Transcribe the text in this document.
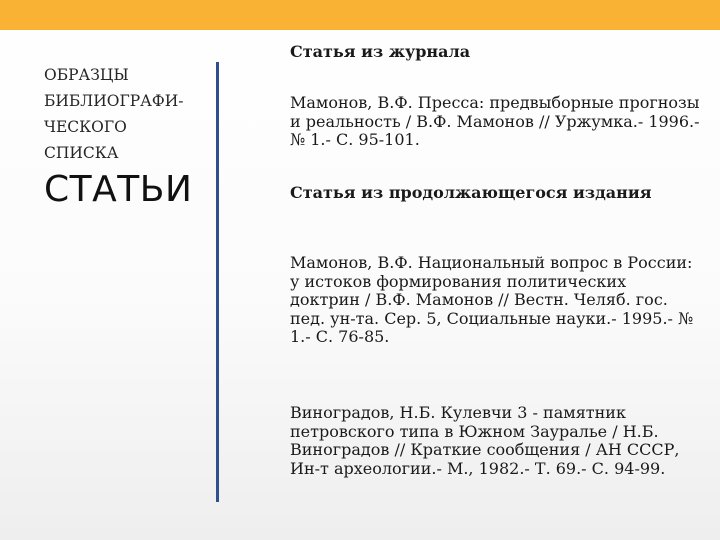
ОБРАЗЦЫ
БИБЛИОГРАФИ-
ЧЕСКОГО
СПИСКА
СТАТЬИ

Статья из журнала

Мамонов, В.Ф. Пресса: предвыборные прогнозы и реальность / В.Ф. Мамонов // Уржумка.- 1996.- № 1.- С. 95-101.

Статья из продолжающегося издания

Мамонов, В.Ф. Национальный вопрос в России: у истоков формирования политических доктрин / В.Ф. Мамонов // Вестн. Челяб. гос. пед. ун-та. Сер. 5, Социальные науки.- 1995.- № 1.- С. 76-85.

Виноградов, Н.Б. Кулевчи 3 - памятник петровского типа в Южном Зауралье / Н.Б. Виноградов // Краткие сообщения / АН СССР, Ин-т археологии.- М., 1982.- Т. 69.- С. 94-99.
